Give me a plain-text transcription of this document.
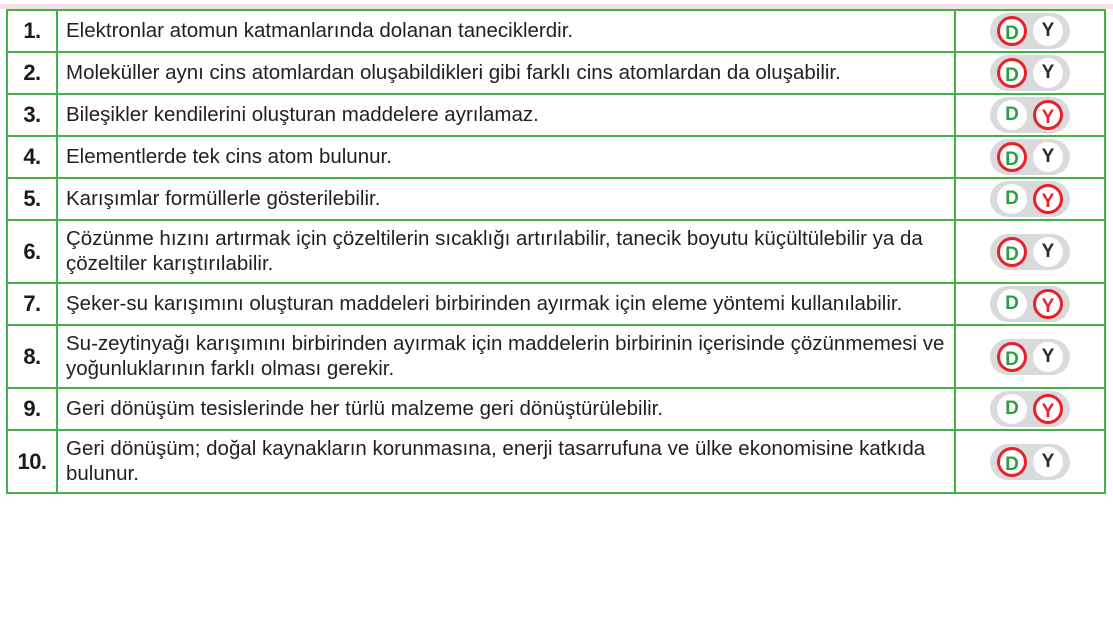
1.	Elektronlar atomun katmanlarında dolanan taneciklerdir.	D Y
2.	Moleküller aynı cins atomlardan oluşabildikleri gibi farklı cins atomlardan da oluşabilir.	D Y
3.	Bileşikler kendilerini oluşturan maddelere ayrılamaz.	D Y
4.	Elementlerde tek cins atom bulunur.	D Y
5.	Karışımlar formüllerle gösterilebilir.	D Y
6.	Çözünme hızını artırmak için çözeltilerin sıcaklığı artırılabilir, tanecik boyutu küçültülebilir ya da çözeltiler karıştırılabilir.	D Y
7.	Şeker-su karışımını oluşturan maddeleri birbirinden ayırmak için eleme yöntemi kullanılabilir.	D Y
8.	Su-zeytinyağı karışımını birbirinden ayırmak için maddelerin birbirinin içerisinde çözünmemesi ve yoğunluklarının farklı olması gerekir.	D Y
9.	Geri dönüşüm tesislerinde her türlü malzeme geri dönüştürülebilir.	D Y
10.	Geri dönüşüm; doğal kaynakların korunmasına, enerji tasarrufuna ve ülke ekonomisine katkıda bulunur.	D Y
